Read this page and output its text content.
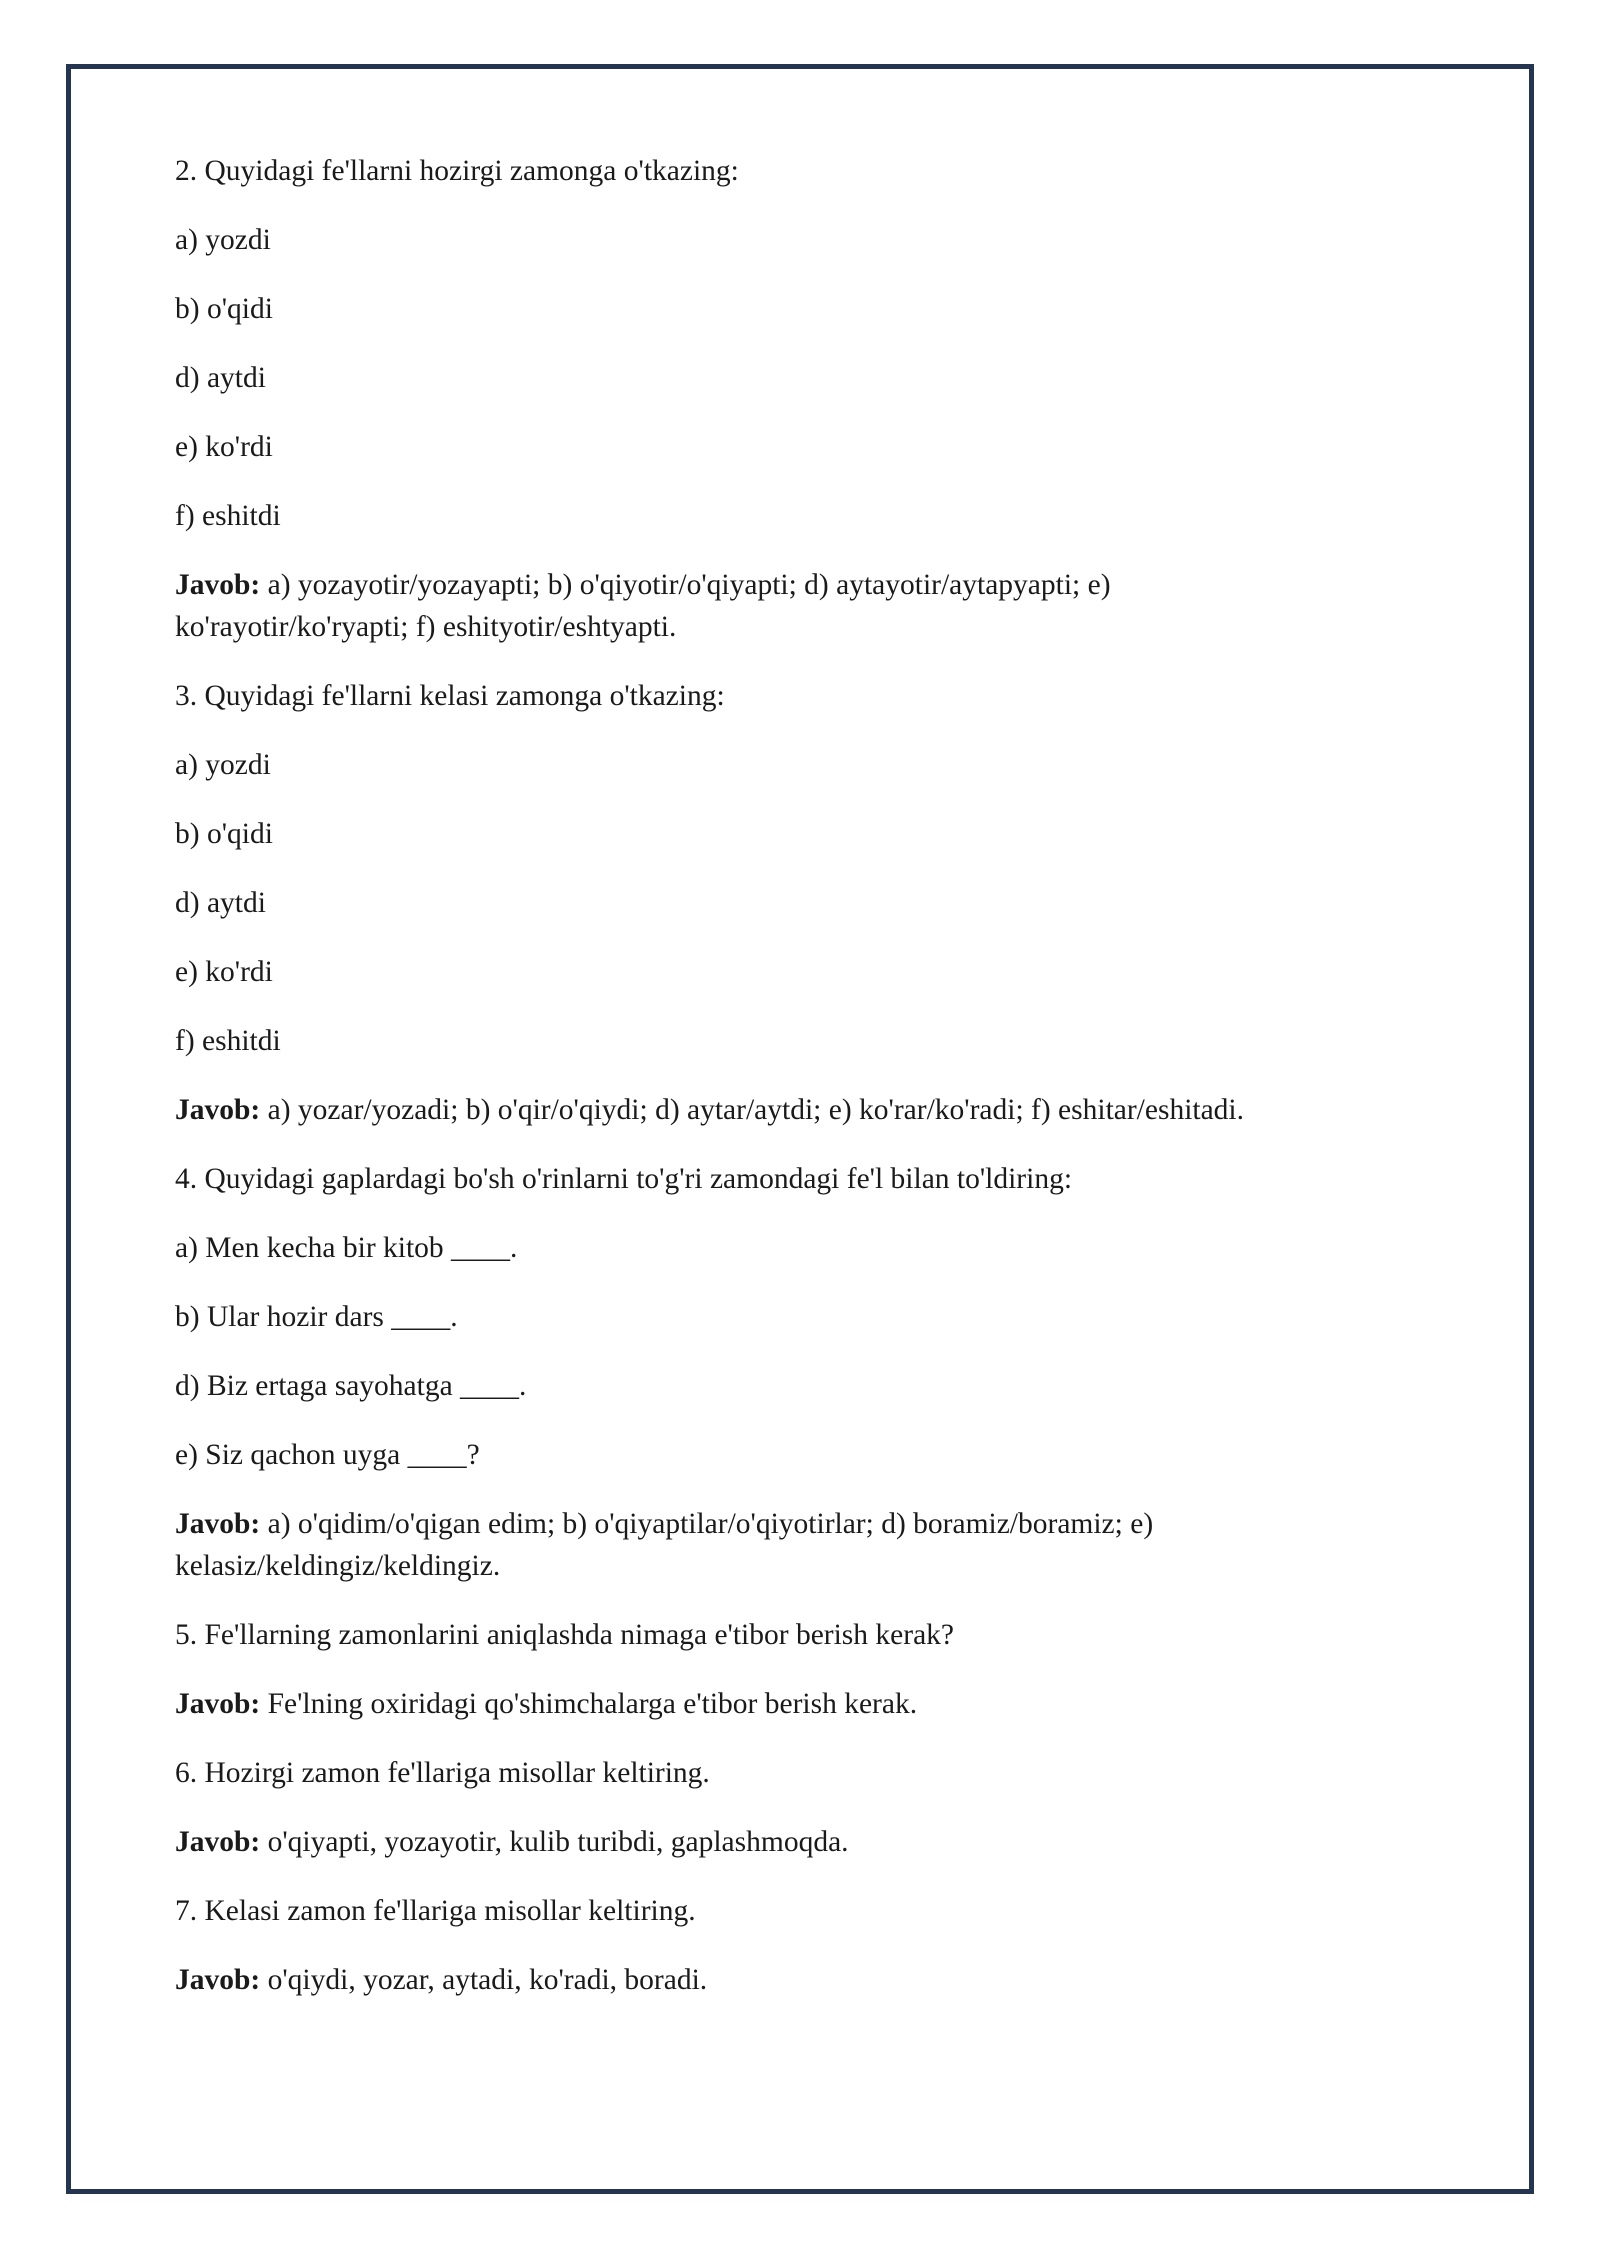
2. Quyidagi fe'llarni hozirgi zamonga o'tkazing:

a) yozdi

b) o'qidi

d) aytdi

e) ko'rdi

f) eshitdi

Javob: a) yozayotir/yozayapti; b) o'qiyotir/o'qiyapti; d) aytayotir/aytapyapti; e)
ko'rayotir/ko'ryapti; f) eshityotir/eshtyapti.

3. Quyidagi fe'llarni kelasi zamonga o'tkazing:

a) yozdi

b) o'qidi

d) aytdi

e) ko'rdi

f) eshitdi

Javob: a) yozar/yozadi; b) o'qir/o'qiydi; d) aytar/aytdi; e) ko'rar/ko'radi; f) eshitar/eshitadi.

4. Quyidagi gaplardagi bo'sh o'rinlarni to'g'ri zamondagi fe'l bilan to'ldiring:

a) Men kecha bir kitob ____.

b) Ular hozir dars ____.

d) Biz ertaga sayohatga ____.

e) Siz qachon uyga ____?

Javob: a) o'qidim/o'qigan edim; b) o'qiyaptilar/o'qiyotirlar; d) boramiz/boramiz; e)
kelasiz/keldingiz/keldingiz.

5. Fe'llarning zamonlarini aniqlashda nimaga e'tibor berish kerak?

Javob: Fe'lning oxiridagi qo'shimchalarga e'tibor berish kerak.

6. Hozirgi zamon fe'llariga misollar keltiring.

Javob: o'qiyapti, yozayotir, kulib turibdi, gaplashmoqda.

7. Kelasi zamon fe'llariga misollar keltiring.

Javob: o'qiydi, yozar, aytadi, ko'radi, boradi.
